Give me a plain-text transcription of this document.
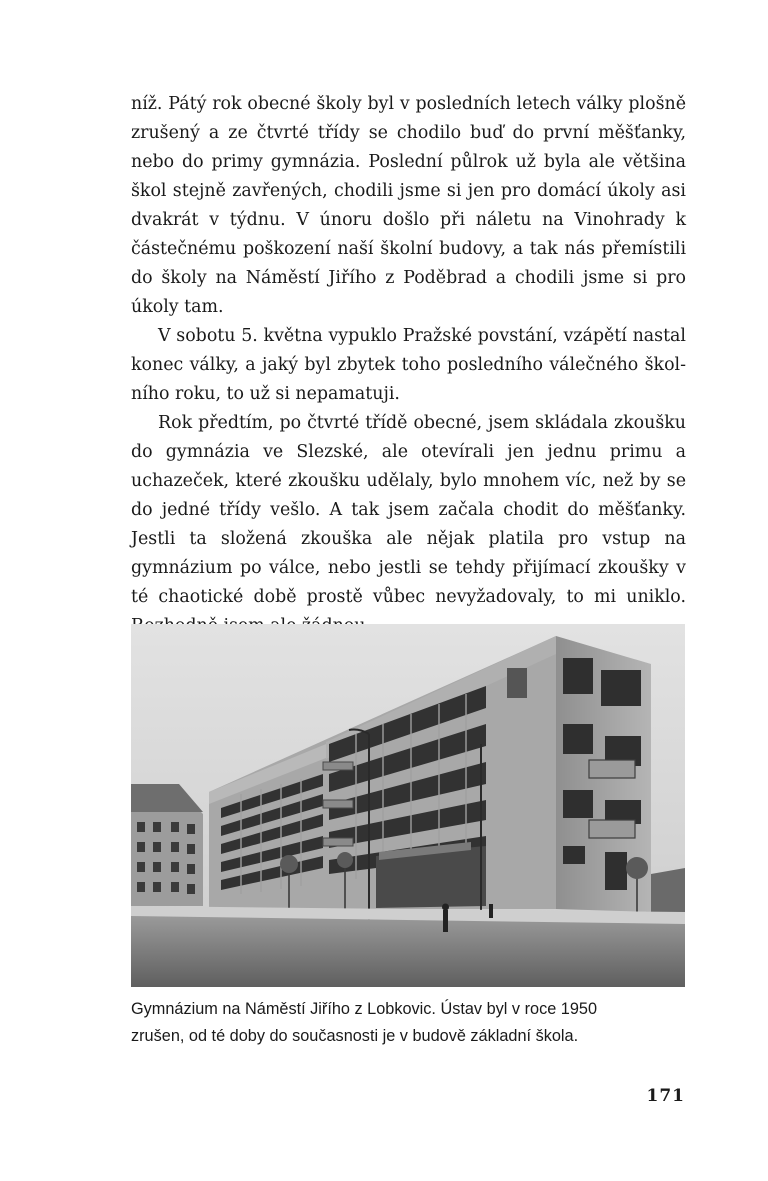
níž. Pátý rok obecné školy byl v posledních letech války plošně zrušený a ze čtvrté třídy se chodilo buď do první měšťanky, nebo do primy gymnázia. Poslední půlrok už byla ale většina škol stejně zavřených, chodili jsme si jen pro domácí úkoly asi dvakrát v týdnu. V únoru došlo při náletu na Vinohrady k částečnému poškození naší školní budovy, a tak nás přemístili do školy na Náměstí Jiřího z Poděbrad a chodili jsme si pro úkoly tam.

V sobotu 5. května vypuklo Pražské povstání, vzápětí nastal konec války, a jaký byl zbytek toho posledního válečného školního roku, to už si nepamatuji.

Rok předtím, po čtvrté třídě obecné, jsem skládala zkoušku do gymnázia ve Slezské, ale otevírali jen jednu primu a uchazeček, které zkoušku udělaly, bylo mnohem víc, než by se do jedné třídy vešlo. A tak jsem začala chodit do měšťanky. Jestli ta složená zkouška ale nějak platila pro vstup na gymnázium po válce, nebo jestli se tehdy přijímací zkoušky v té chaotické době prostě vůbec nevyžadovaly, to mi uniklo.

Gymnázium na Náměstí Jiřího z Lobkovic. Ústav byl v roce 1950
zrušen, od té doby do současnosti je v budově základní škola.
171
